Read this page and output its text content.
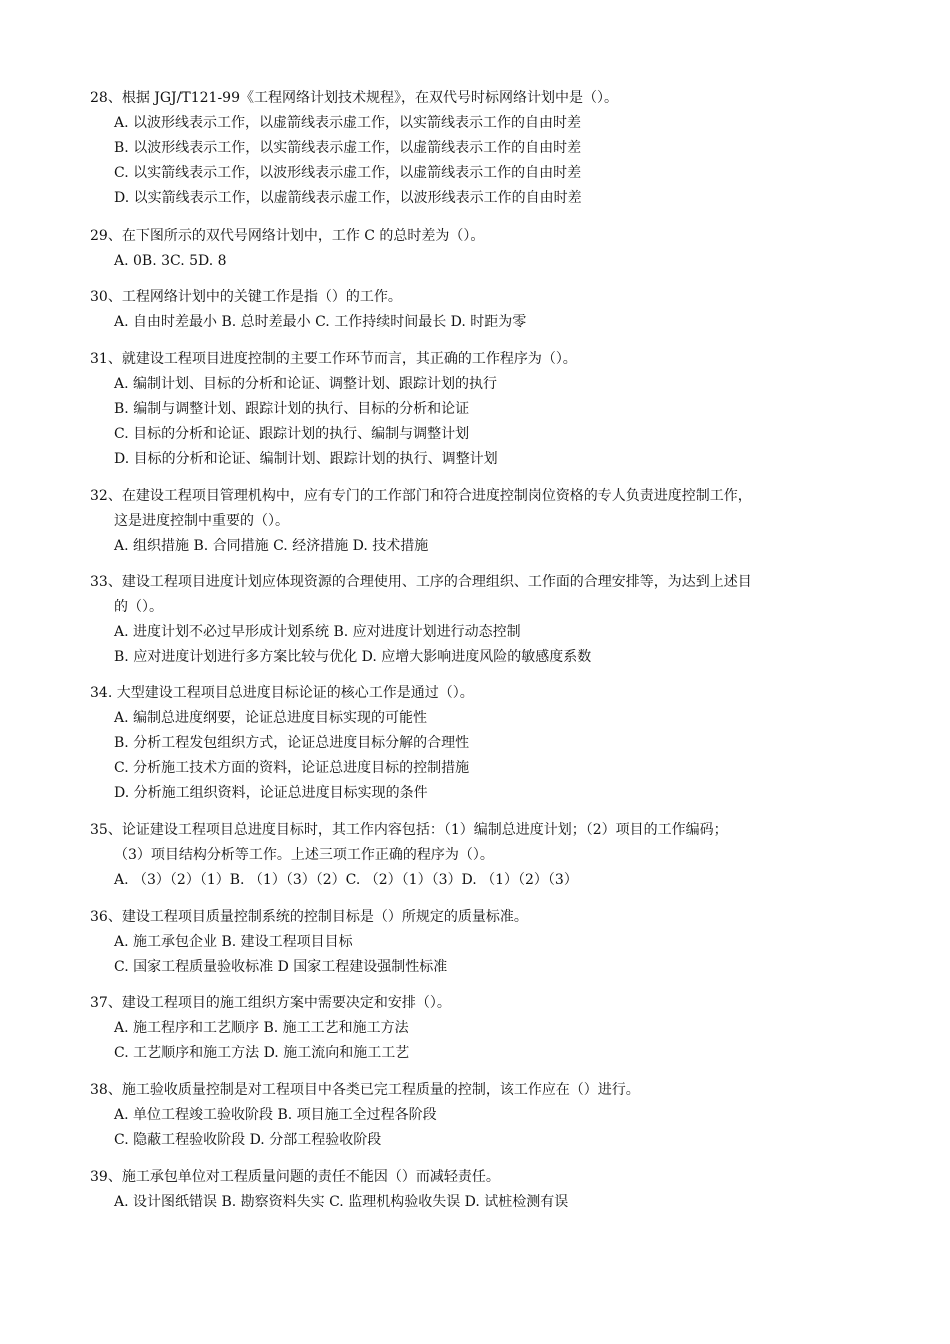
28、根据 JGJ/T121-99《工程网络计划技术规程》，在双代号时标网络计划中是（）。
A. 以波形线表示工作，以虚箭线表示虚工作，以实箭线表示工作的自由时差
B. 以波形线表示工作，以实箭线表示虚工作，以虚箭线表示工作的自由时差
C. 以实箭线表示工作，以波形线表示虚工作，以虚箭线表示工作的自由时差
D. 以实箭线表示工作，以虚箭线表示虚工作，以波形线表示工作的自由时差
29、在下图所示的双代号网络计划中，工作 C 的总时差为（）。
A. 0B. 3C. 5D. 8
30、工程网络计划中的关键工作是指（）的工作。
A. 自由时差最小 B. 总时差最小 C. 工作持续时间最长 D. 时距为零
31、就建设工程项目进度控制的主要工作环节而言，其正确的工作程序为（）。
A. 编制计划、目标的分析和论证、调整计划、跟踪计划的执行
B. 编制与调整计划、跟踪计划的执行、目标的分析和论证
C. 目标的分析和论证、跟踪计划的执行、编制与调整计划
D. 目标的分析和论证、编制计划、跟踪计划的执行、调整计划
32、在建设工程项目管理机构中，应有专门的工作部门和符合进度控制岗位资格的专人负责进度控制工作，
这是进度控制中重要的（）。
A. 组织措施 B. 合同措施 C. 经济措施 D. 技术措施
33、建设工程项目进度计划应体现资源的合理使用、工序的合理组织、工作面的合理安排等，为达到上述目
的（）。
A. 进度计划不必过早形成计划系统 B. 应对进度计划进行动态控制
B. 应对进度计划进行多方案比较与优化 D. 应增大影响进度风险的敏感度系数
34. 大型建设工程项目总进度目标论证的核心工作是通过（）。
A. 编制总进度纲要，论证总进度目标实现的可能性
B. 分析工程发包组织方式，论证总进度目标分解的合理性
C. 分析施工技术方面的资料，论证总进度目标的控制措施
D. 分析施工组织资料，论证总进度目标实现的条件
35、论证建设工程项目总进度目标时，其工作内容包括：（1）编制总进度计划；（2）项目的工作编码；
（3）项目结构分析等工作。上述三项工作正确的程序为（）。
A. （3）（2）（1）B. （1）（3）（2）C. （2）（1）（3）D. （1）（2）（3）
36、建设工程项目质量控制系统的控制目标是（）所规定的质量标准。
A. 施工承包企业 B. 建设工程项目目标
C. 国家工程质量验收标准 D 国家工程建设强制性标准
37、建设工程项目的施工组织方案中需要决定和安排（）。
A. 施工程序和工艺顺序 B. 施工工艺和施工方法
C. 工艺顺序和施工方法 D. 施工流向和施工工艺
38、施工验收质量控制是对工程项目中各类已完工程质量的控制，该工作应在（）进行。
A. 单位工程竣工验收阶段 B. 项目施工全过程各阶段
C. 隐蔽工程验收阶段 D. 分部工程验收阶段
39、施工承包单位对工程质量问题的责任不能因（）而减轻责任。
A. 设计图纸错误 B. 勘察资料失实 C. 监理机构验收失误 D. 试桩检测有误
